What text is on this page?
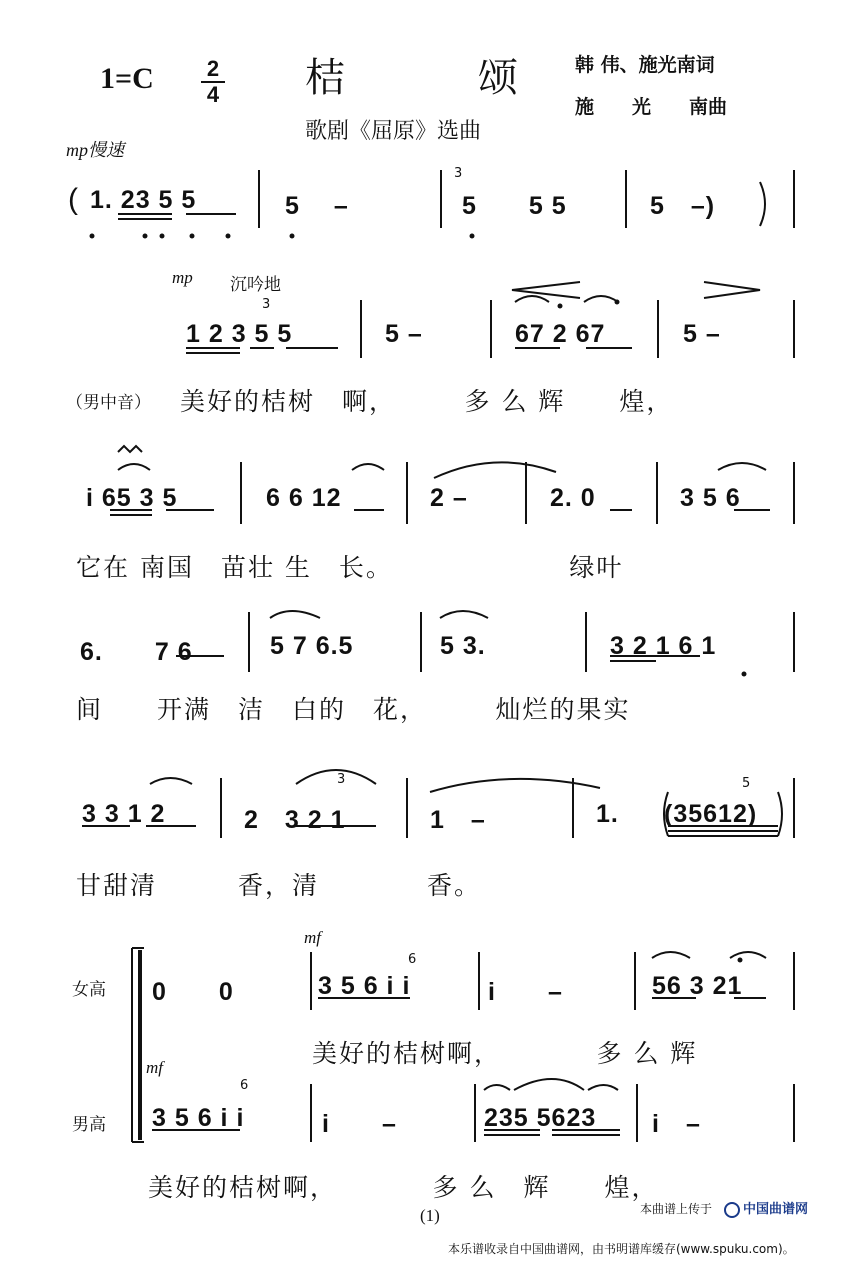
1=C 2
4 桔	颂	韩 伟、施光南词
施　　光　　南曲
歌剧《屈原》选曲
mp慢速
( 1. 23 5 5	5　 –
3
5　　5 5	5　–)
mp 沉吟地
3
1 2 3 5 5	5 –	67 2 67	5 –
（男中音） 美好的桔树　啊，　　　多 么 辉　　煌，
i 65 3 5	6 6 12	2 –	2. 0	3 5 6
它在 南国　苗壮 生　长。　　　　　　　绿叶
6.　　7 6	5 7 6.5	5 3.	3 2 1 6 1
间　　开满　洁　白的　花，　　　灿烂的果实
3	5
3 3 1 2	2　3 2 1	1　–	1. (35612)
甘甜清　　　香，清　　　　香。
女高
男高
mf
mf
6
6
0　　0	3 5 6 i i	i　　–	56 3 21
美好的桔树啊，　　　　多 么 辉
3 5 6 i i	i　　–	235 5623 i　–
美好的桔树啊，　　　　多 么　辉　　煌，
(1)	本曲谱上传于	中国曲谱网
本乐谱收录自中国曲谱网，由书明谱库缓存(www.spuku.com)。
